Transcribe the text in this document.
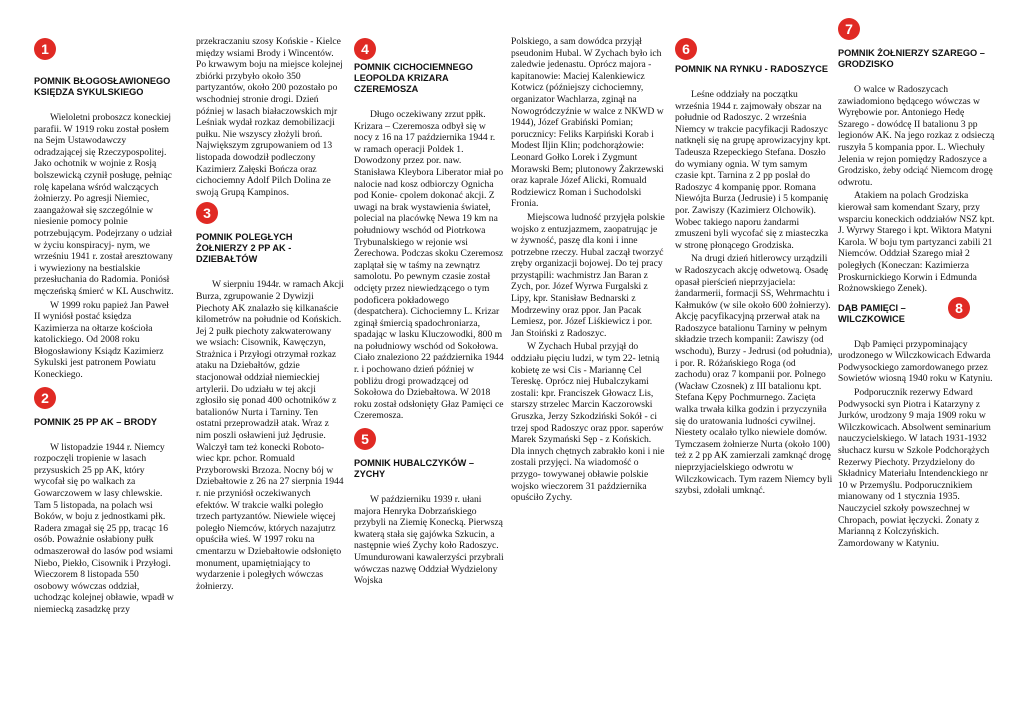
1
POMNIK BŁOGOSŁAWIONEGO KSIĘDZA SYKULSKIEGO

Wieloletni proboszcz koneckiej parafii. W 1919 roku został posłem na Sejm Ustawodawczy odradzającej się Rzeczypospolitej. Jako ochotnik w wojnie z Rosją bolszewicką czynił posługę, pełniąc rolę kapelana wśród walczących żołnierzy. Po agresji Niemiec, zaangażował się szczególnie w niesienie pomocy polnie potrzebującym. Podejrzany o udział w życiu konspiracyj- nym, we wrześniu 1941 r. został aresztowany i wywieziony na bestialskie przesłuchania do Radomia. Poniósł męczeńską śmierć w KL Auschwitz.

W 1999 roku papież Jan Paweł II wyniósł postać księdza Kazimierza na ołtarze kościoła katolickiego. Od 2008 roku Błogosławiony Ksiądz Kazimierz Sykulski jest patronem Powiatu Koneckiego.

2
POMNIK 25 PP AK – BRODY

W listopadzie 1944 r. Niemcy rozpoczęli tropienie w lasach przysuskich 25 pp AK, który wycofał się po walkach za Gowarczowem w lasy chlewskie. Tam 5 listopada, na polach wsi Boków, w boju z jednostkami płk. Radera zmagał się 25 pp, tracąc 16 osób. Poważnie osłabiony pułk odmaszerował do lasów pod wsiami Niebo, Piekło, Cisownik i Przyłogi. Wieczorem 8 listopada 550 osobowy wówczas oddział, uchodząc kolejnej obławie, wpadł w niemiecką zasadzkę przy

przekraczaniu szosy Końskie - Kielce między wsiami Brody i Wincentów. Po krwawym boju na miejsce kolejnej zbiórki przybyło około 350 partyzantów, około 200 pozostało po wschodniej stronie drogi. Dzień później w lasach białaczowskich mjr Leśniak wydał rozkaz demobilizacji pułku. Nie wszyscy złożyli broń. Największym zgrupowaniem od 13 listopada dowodził podleczony Kazimierz Załęski Bończa oraz cichociemny Adolf Pilch Dolina ze swoją Grupą Kampinos.

3
POMNIK POLEGŁYCH ŻOŁNIERZY 2 PP AK - DZIEBAŁTÓW

W sierpniu 1944r. w ramach Akcji Burza, zgrupowanie 2 Dywizji Piechoty AK znalazło się kilkanaście kilometrów na południe od Końskich. Jej 2 pułk piechoty zakwaterowany we wsiach: Cisownik, Kawęczyn, Strażnica i Przyłogi otrzymał rozkaz ataku na Dziebałtów, gdzie stacjonował oddział niemieckiej artylerii. Do udziału w tej akcji zgłosiło się ponad 400 ochotników z batalionów Nurta i Tarniny. Ten ostatni przeprowadził atak. Wraz z nim poszli osławieni już Jędrusie. Walczył tam też konecki Roboto- wiec kpr. pchor. Romuald Przyborowski Brzoza. Nocny bój w Dziebałtowie z 26 na 27 sierpnia 1944 r. nie przyniósł oczekiwanych efektów. W trakcie walki poległo trzech partyzantów. Niewiele więcej poległo Niemców, których nazajutrz opuściła wieś. W 1997 roku na cmentarzu w Dziebałtowie odsłonięto monument, upamiętniający to wydarzenie i poległych wówczas żołnierzy.

4
POMNIK CICHOCIEMNEGO LEOPOLDA KRIZARA CZEREMOSZA

Długo oczekiwany zrzut ppłk. Krizara – Czeremosza odbył się w nocy z 16 na 17 października 1944 r. w ramach operacji Poldek 1. Dowodzony przez por. naw. Stanisława Kleybora Liberator miał po nalocie nad kosz odbiorczy Ognicha pod Konie- cpolem dokonać akcji. Z uwagi na brak wystawienia świateł, polecial na placówkę Newa 19 km na południowy wschód od Piotrkowa Trybunalskiego w rejonie wsi Żerechowa. Podczas skoku Czeremosz zaplątał się w taśmy na zewnątrz samolotu. Po pewnym czasie został odcięty przez niewiedzącego o tym podoficera pokładowego (despatchera). Cichociemny L. Krizar zginął śmiercią spadochroniarza, spadając w lasku Kluczowodki, 800 m na południowy wschód od Sokołowa. Ciało znaleziono 22 października 1944 r. i pochowano dzień później w pobliżu drogi prowadzącej od Sokołowa do Dziebałtowa. W 2018 roku został odsłonięty Głaz Pamięci ce Czeremosza.

5
POMNIK HUBALCZYKÓW – ZYCHY

W październiku 1939 r. ułani majora Henryka Dobrzańskiego przybyli na Ziemię Konecką. Pierwszą kwaterą stała się gajówka Szkucin, a następnie wieś Zychy koło Radoszyc. Umundurowani kawalerzyści przybrali wówczas nazwę Oddział Wydzielony Wojska

Polskiego, a sam dowódca przyjął pseudonim Hubal. W Zychach było ich zaledwie jedenastu. Oprócz majora - kapitanowie: Maciej Kalenkiewicz Kotwicz (późniejszy cichociemny, organizator Wachlarza, zginął na Nowogródczyźnie w walce z NKWD w 1944), Józef Grabiński Pomian; porucznicy: Feliks Karpiński Korab i Modest Iljin Klin; podchorążowie: Leonard Gołko Lorek i Zygmunt Morawski Bem; plutonowy Żakrzewski oraz kaprale Józef Alicki, Romuald Rodziewicz Roman i Suchodolski Fronia.

Miejscowa ludność przyjęła polskie wojsko z entuzjazmem, zaopatrując je w żywność, paszę dla koni i inne potrzebne rzeczy. Hubal zaczął tworzyć zręby organizacji bojowej. Do tej pracy przystąpili: wachmistrz Jan Baran z Zych, por. Józef Wyrwa Furgalski z Lipy, kpr. Stanisław Bednarski z Modrzewiny oraz ppor. Jan Pacak Lemiesz, por. Józef Liśkiewicz i por. Jan Stoiński z Radoszyc.

W Zychach Hubal przyjął do oddziału pięciu ludzi, w tym 22- letnią kobietę ze wsi Cis - Mariannę Cel Tereskę. Oprócz niej Hubalczykami zostali: kpr. Franciszek Głowacz Lis, starszy strzelec Marcin Kaczorowski Gruszka, Jerzy Szkodziński Sokół - ci trzej spod Radoszyc oraz ppor. saperów Marek Szymański Sęp - z Końskich. Dla innych chętnych zabrakło koni i nie zostali przyjęci. Na wiadomość o przygo- towywanej obławie polskie wojsko wieczorem 31 października opuściło Zychy.

6
POMNIK NA RYNKU - RADOSZYCE

Leśne oddziały na początku września 1944 r. zajmowały obszar na południe od Radoszyc. 2 września Niemcy w trakcie pacyfikacji Radoszyc natknęli się na grupę aprowizacyjny kpt. Tadeusza Rzepeckiego Stefana. Doszło do wymiany ognia. W tym samym czasie kpt. Tarnina z 2 pp ​​poslał do Radoszyc 4 kompanię ppor. Romana Niewójta Burza (Jedrusie) i 5 kompanię por. Zawiszy (Kazimierz Olchowik). Wobec takiego naporu żandarmi zmuszeni byli wycofać się z miasteczka w stronę płonącego Grodziska.

Na drugi dzień hitlerowcy urządzili w Radoszycach akcję odwetową. Osadę opasał pierścień nieprzyjaciela: żandarmerii, formacji SS, Wehrmachtu i Kałmuków (w sile około 600 żołnierzy). Akcję pacyfikacyjną przerwał atak na Radoszyce batalionu Tarniny w pełnym składzie trzech kompanii: Zawiszy (od wschodu), Burzy - Jedrusi (od południa), i por. R. Różańskiego Roga (od zachodu) oraz 7 kompanii por. Polnego (Wacław Czosnek) z III batalionu kpt. Stefana Kępy Pochmurnego. Zacięta walka trwała kilka godzin i przyczyniła się do uratowania ludności cywilnej. Niestety ocalało tylko niewiele domów. Tymczasem żołnierze Nurta (około 100) też z 2 pp AK zamierzali zamknąć drogę nieprzyjacielskiego odwrotu w Wilczkowicach. Tym razem Niemcy byli szybsi, zdołali umknąć.

7
POMNIK ŻOŁNIERZY SZAREGO – GRODZISKO

O walce w Radoszycach zawiadomiono będącego wówczas w Wyrębowie por. Antoniego Hedę Szarego - dowódcę II batalionu 3 pp legionów AK. Na jego rozkaz z odsieczą ruszyła 5 kompania ppor. L. Wiechuły Jelenia w rejon pomiędzy Radoszyce a Grodzisko, żeby odciąć Niemcom drogę odwrotu.

Atakiem na polach Grodziska kierował sam komendant Szary, przy wsparciu koneckich oddziałów NSZ kpt. J. Wyrwy Starego i kpt. Wiktora Matyni Karola. W boju tym partyzanci zabili 21 Niemców. Oddział Szarego miał 2 poległych (Koneczan: Kazimierza Proskurnickiego Korwin i Edmunda Rożnowskiego Zenek).

8
DĄB PAMIĘCI – WILCZKOWICE

Dąb Pamięci przypominający urodzonego w Wilczkowicach Edwarda Podwysockiego zamordowanego przez Sowietów wiosną 1940 roku w Katyniu.

Podporucznik rezerwy Edward Podwysocki syn Piotra i Katarzyny z Jurków, urodzony 9 maja 1909 roku w Wilczkowicach. Absolwent seminarium nauczycielskiego. W latach 1931-1932 słuchacz kursu w Szkole Podchorążych Rezerwy Piechoty. Przydzielony do Składnicy Materiału Intendenckiego nr 10 w Przemyślu. Podporucznikiem mianowany od 1 stycznia 1935. Nauczyciel szkoły powszechnej w Chropach, powiat łęczycki. Żonaty z Marianną z Kolczyńskich. Zamordowany w Katyniu.
